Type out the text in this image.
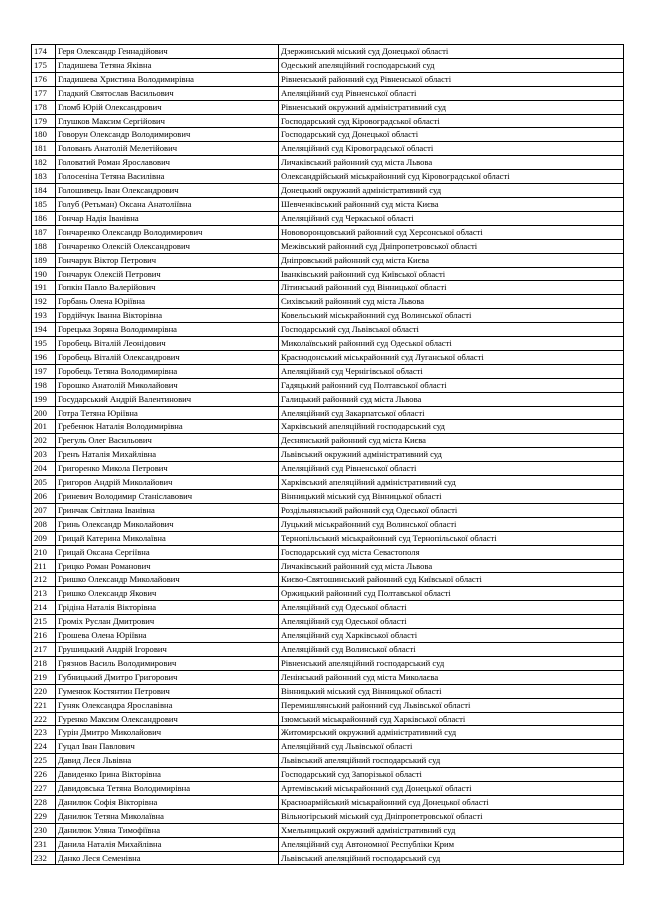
174	Геря Олександр Геннадійович	Дзержинський міський суд Донецької області
175	Гладишева Тетяна Яківна	Одеський апеляційний господарський суд
176	Гладишева Христина Володимирівна	Рівненський районний суд Рівненської області
177	Гладкий Святослав Васильович	Апеляційний суд Рівненської області
178	Гломб Юрій Олександрович	Рівненський окружний адміністративний суд
179	Глушков Максим Сергійович	Господарський суд Кіровоградської області
180	Говорун Олександр Володимирович	Господарський суд Донецької області
181	Голованъ Анатолій Мелетійович	Апеляційний суд Кіровоградської області
182	Головатий Роман Ярославович	Личаківський районний суд міста Львова
183	Голосеніна Тетяна Василівна	Олександрійський міськрайонний суд Кіровоградської області
184	Голошивець Іван Олександрович	Донецький окружний адміністративний суд
185	Голуб (Ретьман) Оксана Анатоліївна	Шевченківський районний суд міста Києва
186	Гончар Надія Іванівна	Апеляційний суд Черкаської області
187	Гончаренко Олександр Володимирович	Нововоронцовський районний суд Херсонської області
188	Гончаренко Олексій Олександрович	Межівський районний суд Дніпропетровської області
189	Гончарук Віктор Петрович	Дніпровський районний суд міста Києва
190	Гончарук Олексій Петрович	Іванківський районний суд Київської області
191	Гопкін Павло Валерійович	Літинський районний суд Вінницької області
192	Горбань Олена Юріївна	Сихівський районний суд міста Львова
193	Гордійчук Іванна Вікторівна	Ковельський міськрайонний суд Волинської області
194	Горецька Зоряна Володимирівна	Господарський суд Львівської області
195	Горобець Віталій Леонідович	Миколаївський районний суд Одеської області
196	Горобець Віталій Олександрович	Краснодонський міськрайонний суд Луганської області
197	Горобець Тетяна Володимирівна	Апеляційний суд Чернігівської області
198	Горошко Анатолій Миколайович	Гадяцький районний суд Полтавської області
199	Государський Андрій Валентинович	Галицький районний суд міста Львова
200	Готра Тетяна Юріївна	Апеляційний суд Закарпатської області
201	Гребенюк Наталія Володимирівна	Харківський апеляційний господарський суд
202	Грегуль Олег Васильович	Деснянський районний суд міста Києва
203	Гренъ Наталія Михайлівна	Львівський окружний адміністративний суд
204	Григоренко Микола Петрович	Апеляційний суд Рівненської області
205	Григоров Андрій Миколайович	Харківський апеляційний адміністративний суд
206	Гриневич Володимир Станіславович	Вінницький міський суд Вінницької області
207	Гринчак Світлана Іванівна	Роздільнянський районний суд Одеської області
208	Гринь Олександр Миколайович	Луцький міськрайонний суд Волинської області
209	Грицай Катерина Миколаївна	Тернопільський міськрайонний суд Тернопільської області
210	Грицай Оксана Сергіївна	Господарський суд міста Севастополя
211	Грицко Роман Романович	Личаківський районний суд міста Львова
212	Гришко Олександр Миколайович	Києво-Святошинський районний суд Київської області
213	Гришко Олександр Якович	Оржицький районний суд Полтавської області
214	Грідіна Наталія Вікторівна	Апеляційний суд Одеської області
215	Громіх Руслан Дмитрович	Апеляційний суд Одеської області
216	Грошева Олена Юріївна	Апеляційний суд Харківської області
217	Грушицький Андрій Ігорович	Апеляційний суд Волинської області
218	Грязнов Василь Володимирович	Рівненський апеляційний господарський суд
219	Губницький Дмитро Григорович	Ленінський районний суд міста Миколаєва
220	Гуменюк Костянтин Петрович	Вінницький міський суд Вінницької області
221	Гуняк Олександра Ярославівна	Перемишлянський районний суд Львівської області
222	Гуренко Максим Олександрович	Ізюмський міськрайонний суд Харківської області
223	Гурін Дмитро Миколайович	Житомирський окружний адміністративний суд
224	Гуцал Іван Павлович	Апеляційний суд Львівської області
225	Давид Леся Львівна	Львівський апеляційний господарський суд
226	Давиденко Ірина Вікторівна	Господарський суд Запорізької області
227	Давидовська Тетяна Володимирівна	Артемівський міськрайонний суд Донецької області
228	Данилюк Софія Вікторівна	Красноармійський міськрайонний суд Донецької області
229	Данилюк Тетяна Миколаївна	Вільногірський міський суд Дніпропетровської області
230	Данилюк Уляна Тимофіївна	Хмельницький окружний адміністративний суд
231	Данила Наталія Михайлівна	Апеляційний суд Автономної Республіки Крим
232	Данко Леся Семенівна	Львівський апеляційний господарський суд
